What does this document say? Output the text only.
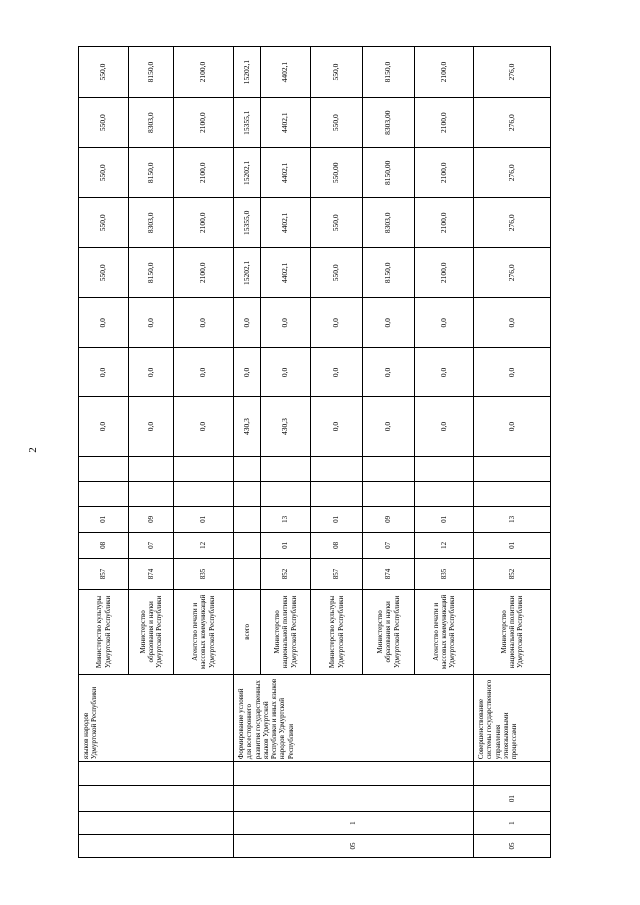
2
				языков народов Удмуртской Республики	Министерство культуры Удмуртской Республики	857	08	01			0,0	0,0	0,0	550,0	550,0	550,0	550,0	550,0
					Министерство образования и науки Удмуртской Республики	874	07	09			0,0	0,0	0,0	8150,0	8303,0	8150,0	8303,0	8150,0
					Агентство печати и массовых коммуникаций Удмуртской Республики	835	12	01			0,0	0,0	0,0	2100,0	2100,0	2100,0	2100,0	2100,0
05	1			Формирование условий для всестороннего развития государственных языков Удмуртской Республики и иных языков народов Удмуртской Республики	всего						430,3	0,0	0,0	15202,1	15355,0	15202,1	15355,1	15202,1
					Министерство национальной политики Удмуртской Республики	852	01	13			430,3	0,0	0,0	4402,1	4402,1	4402,1	4402,1	4402,1
					Министерство культуры Удмуртской Республики	857	08	01			0,0	0,0	0,0	550,0	550,0	550,00	550,0	550,0
					Министерство образования и науки Удмуртской Республики	874	07	09			0,0	0,0	0,0	8150,0	8303,0	8150,00	8303,00	8150,0
					Агентство печати и массовых коммуникаций Удмуртской Республики	835	12	01			0,0	0,0	0,0	2100,0	2100,0	2100,0	2100,0	2100,0
05	1	01		Совершенствование системы государственного управления этноязыковыми процессами	Министерство национальной политики Удмуртской Республики	852	01	13			0,0	0,0	0,0	276,0	276,0	276,0	276,0	276,0
